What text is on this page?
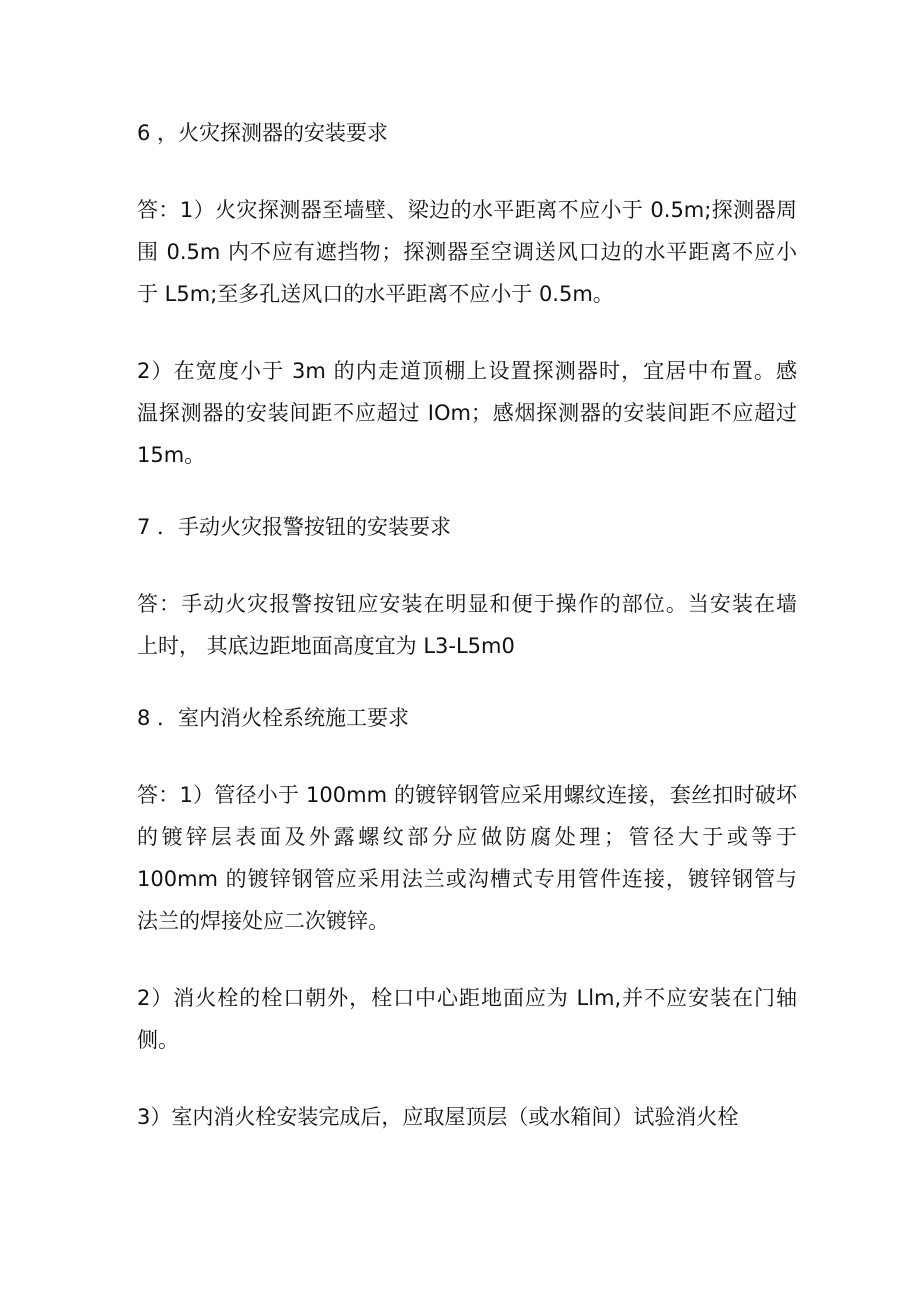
6 ，火灾探测器的安装要求
答：1）火灾探测器至墙壁、梁边的水平距离不应小于 0.5m;探测器周
围 0.5m 内不应有遮挡物；探测器至空调送风口边的水平距离不应小
于 L5m;至多孔送风口的水平距离不应小于 0.5m。
2）在宽度小于 3m 的内走道顶棚上设置探测器时，宜居中布置。感
温探测器的安装间距不应超过 IOm；感烟探测器的安装间距不应超过
15m。
7 ．手动火灾报警按钮的安装要求
答：手动火灾报警按钮应安装在明显和便于操作的部位。当安装在墙
上时， 其底边距地面高度宜为 L3-L5m0
8 ．室内消火栓系统施工要求
答：1）管径小于 100mm 的镀锌钢管应采用螺纹连接，套丝扣时破坏
的镀锌层表面及外露螺纹部分应做防腐处理；管径大于或等于
100mm 的镀锌钢管应采用法兰或沟槽式专用管件连接，镀锌钢管与
法兰的焊接处应二次镀锌。
2）消火栓的栓口朝外，栓口中心距地面应为 Llm,并不应安装在门轴
侧。
3）室内消火栓安装完成后，应取屋顶层（或水箱间）试验消火栓
